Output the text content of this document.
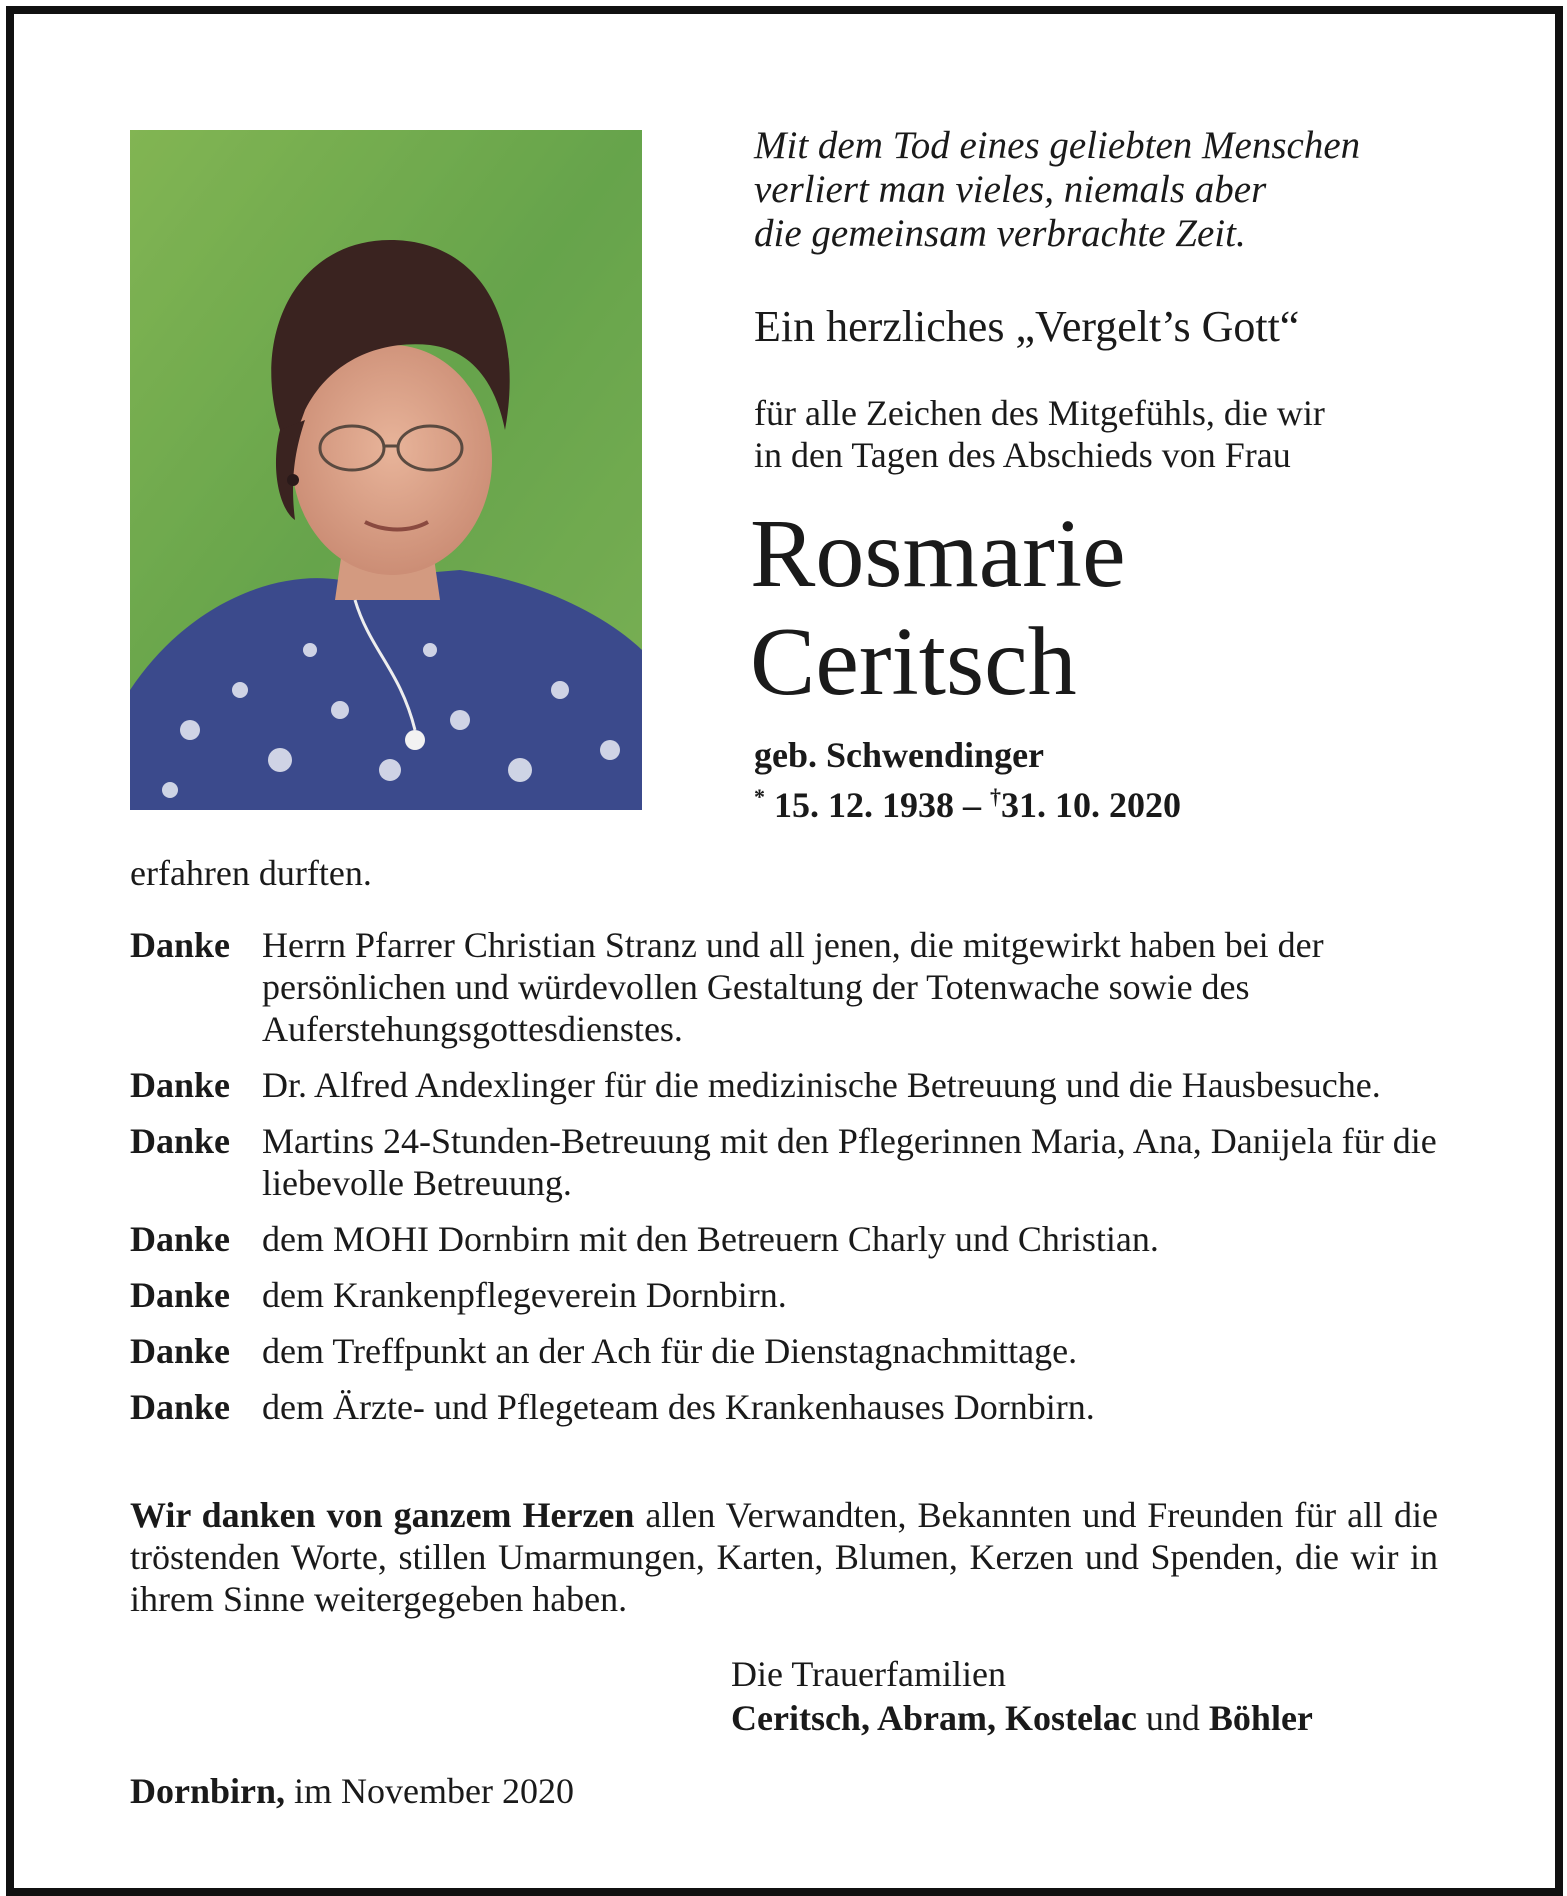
Mit dem Tod eines geliebten Menschen
verliert man vieles, niemals aber
die gemeinsam verbrachte Zeit.
Ein herzliches „Vergelt’s Gott“
für alle Zeichen des Mitgefühls, die wir
in den Tagen des Abschieds von Frau
Rosmarie
Ceritsch
geb. Schwendinger
* 15. 12. 1938 – †31. 10. 2020
erfahren durften.
Danke Herrn Pfarrer Christian Stranz und all jenen, die mitgewirkt haben bei der persönlichen und würdevollen Gestaltung der Totenwache sowie des Auferstehungsgottesdienstes.
Danke Dr. Alfred Andexlinger für die medizinische Betreuung und die Hausbesuche.
Danke Martins 24-Stunden-Betreuung mit den Pflegerinnen Maria, Ana, Danijela für die liebevolle Betreuung.
Danke dem MOHI Dornbirn mit den Betreuern Charly und Christian.
Danke dem Krankenpflegeverein Dornbirn.
Danke dem Treffpunkt an der Ach für die Dienstagnachmittage.
Danke dem Ärzte- und Pflegeteam des Krankenhauses Dornbirn.
Wir danken von ganzem Herzen allen Verwandten, Bekannten und Freunden für all die tröstenden Worte, stillen Umarmungen, Karten, Blumen, Kerzen und Spenden, die wir in ihrem Sinne weitergegeben haben.
Die Trauerfamilien
Ceritsch, Abram, Kostelac und Böhler
Dornbirn, im November 2020
